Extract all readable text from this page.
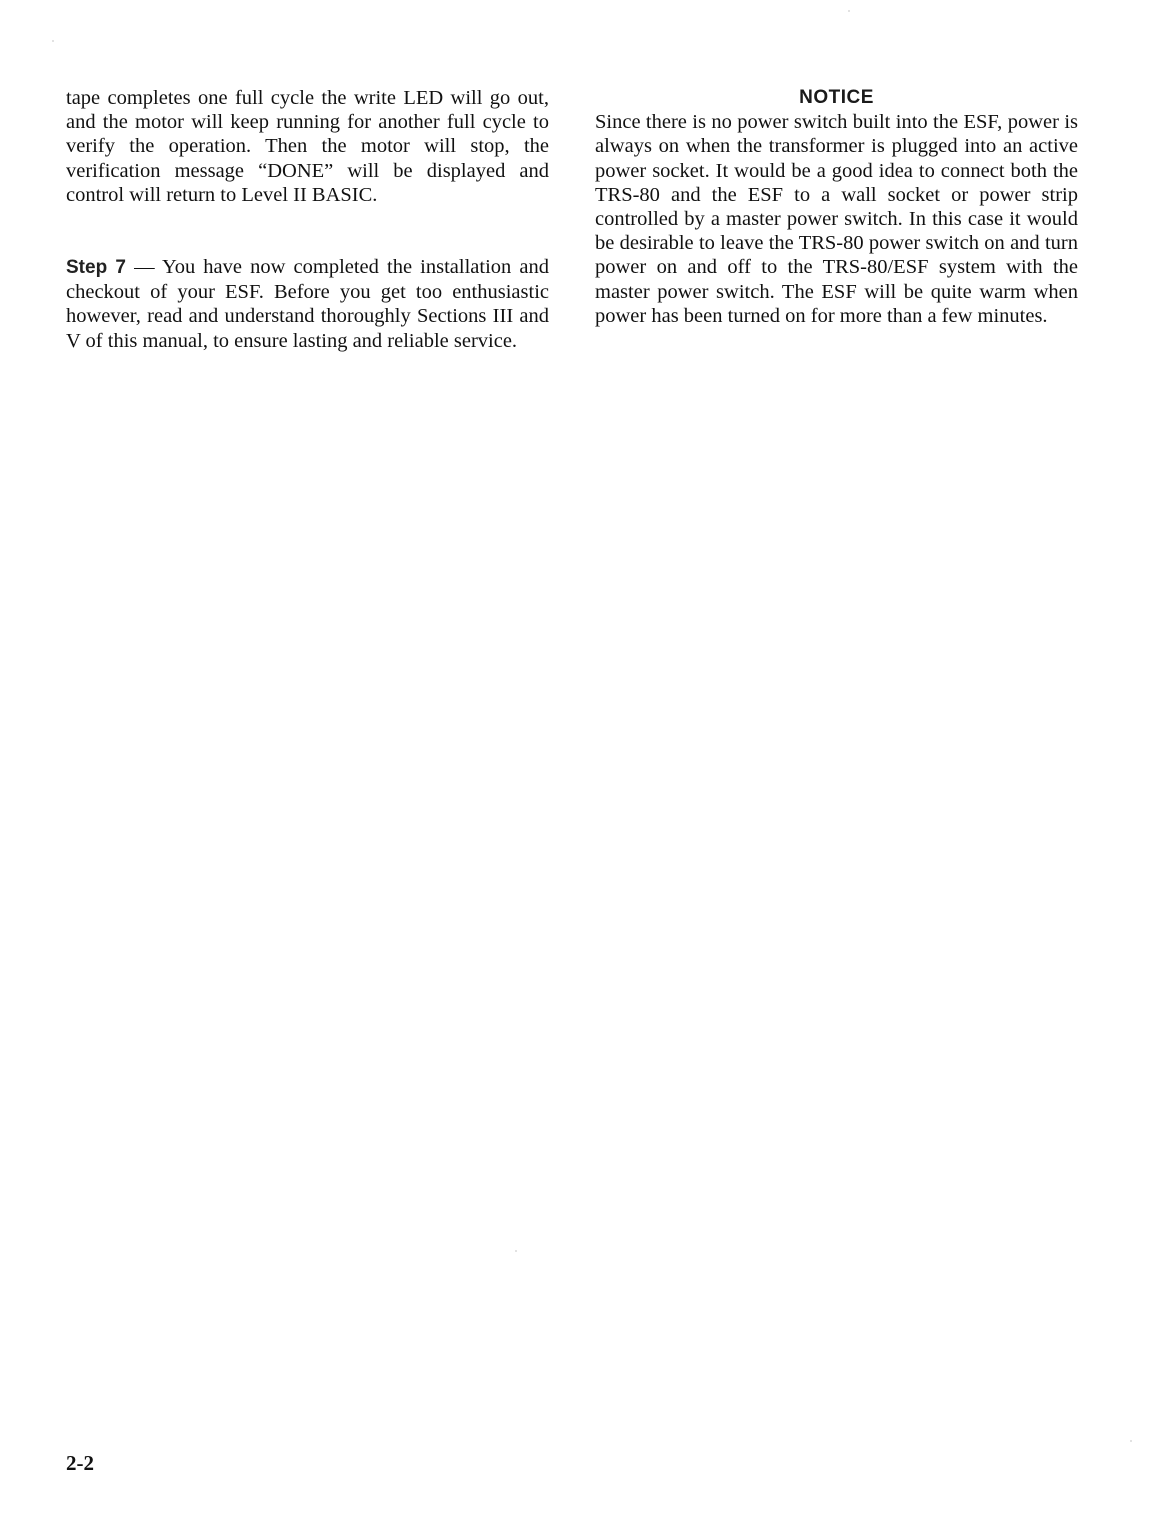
tape completes one full cycle the write LED will go out, and the motor will keep running for another full cycle to verify the operation. Then the motor will stop, the verification message “DONE” will be displayed and control will return to Level II BASIC.

Step 7 — You have now completed the installation and checkout of your ESF. Before you get too enthusiastic however, read and understand thoroughly Sections III and V of this manual, to ensure lasting and reliable service.

NOTICE

Since there is no power switch built into the ESF, power is always on when the transformer is plugged into an active power socket. It would be a good idea to connect both the TRS-80 and the ESF to a wall socket or power strip controlled by a master power switch. In this case it would be desirable to leave the TRS-80 power switch on and turn power on and off to the TRS-80/ESF system with the master power switch. The ESF will be quite warm when power has been turned on for more than a few minutes.

2-2
